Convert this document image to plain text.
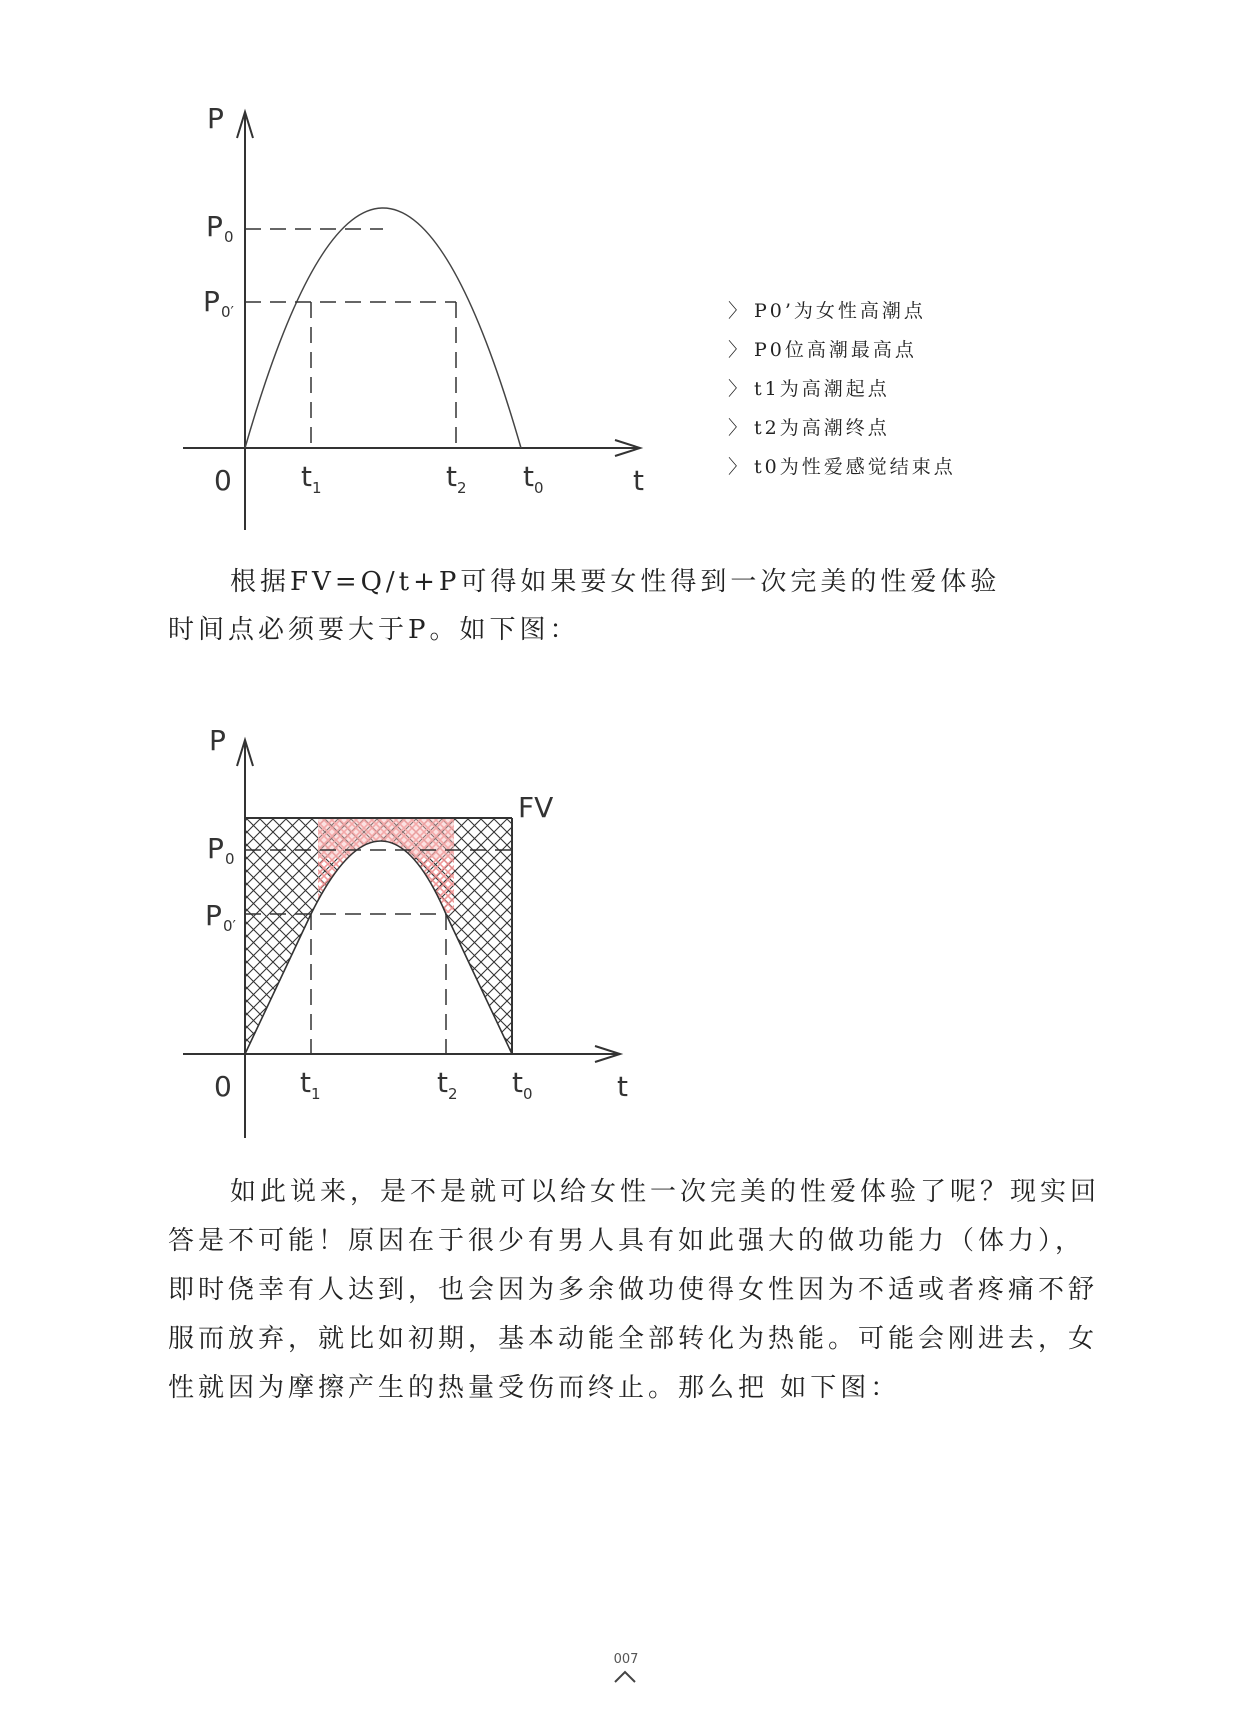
P
t
0
P 0
P 0′
t 1	t 2 t 0
〉 P0’为女性高潮点
〉 P0位高潮最高点
〉 t1为高潮起点
〉 t2为高潮终点
〉 t0为性爱感觉结束点
根据FV=Q/t+P可得如果要女性得到一次完美的性爱体验
时间点必须要大于P。如下图：
P
t
0
FV
P 0
P 0′
t 1	t 2 t 0
如此说来，是不是就可以给女性一次完美的性爱体验了呢？现实回
答是不可能！原因在于很少有男人具有如此强大的做功能力（体力），
即时侥幸有人达到，也会因为多余做功使得女性因为不适或者疼痛不舒
服而放弃，就比如初期，基本动能全部转化为热能。可能会刚进去，女
性就因为摩擦产生的热量受伤而终止。那么把 如下图：
007
